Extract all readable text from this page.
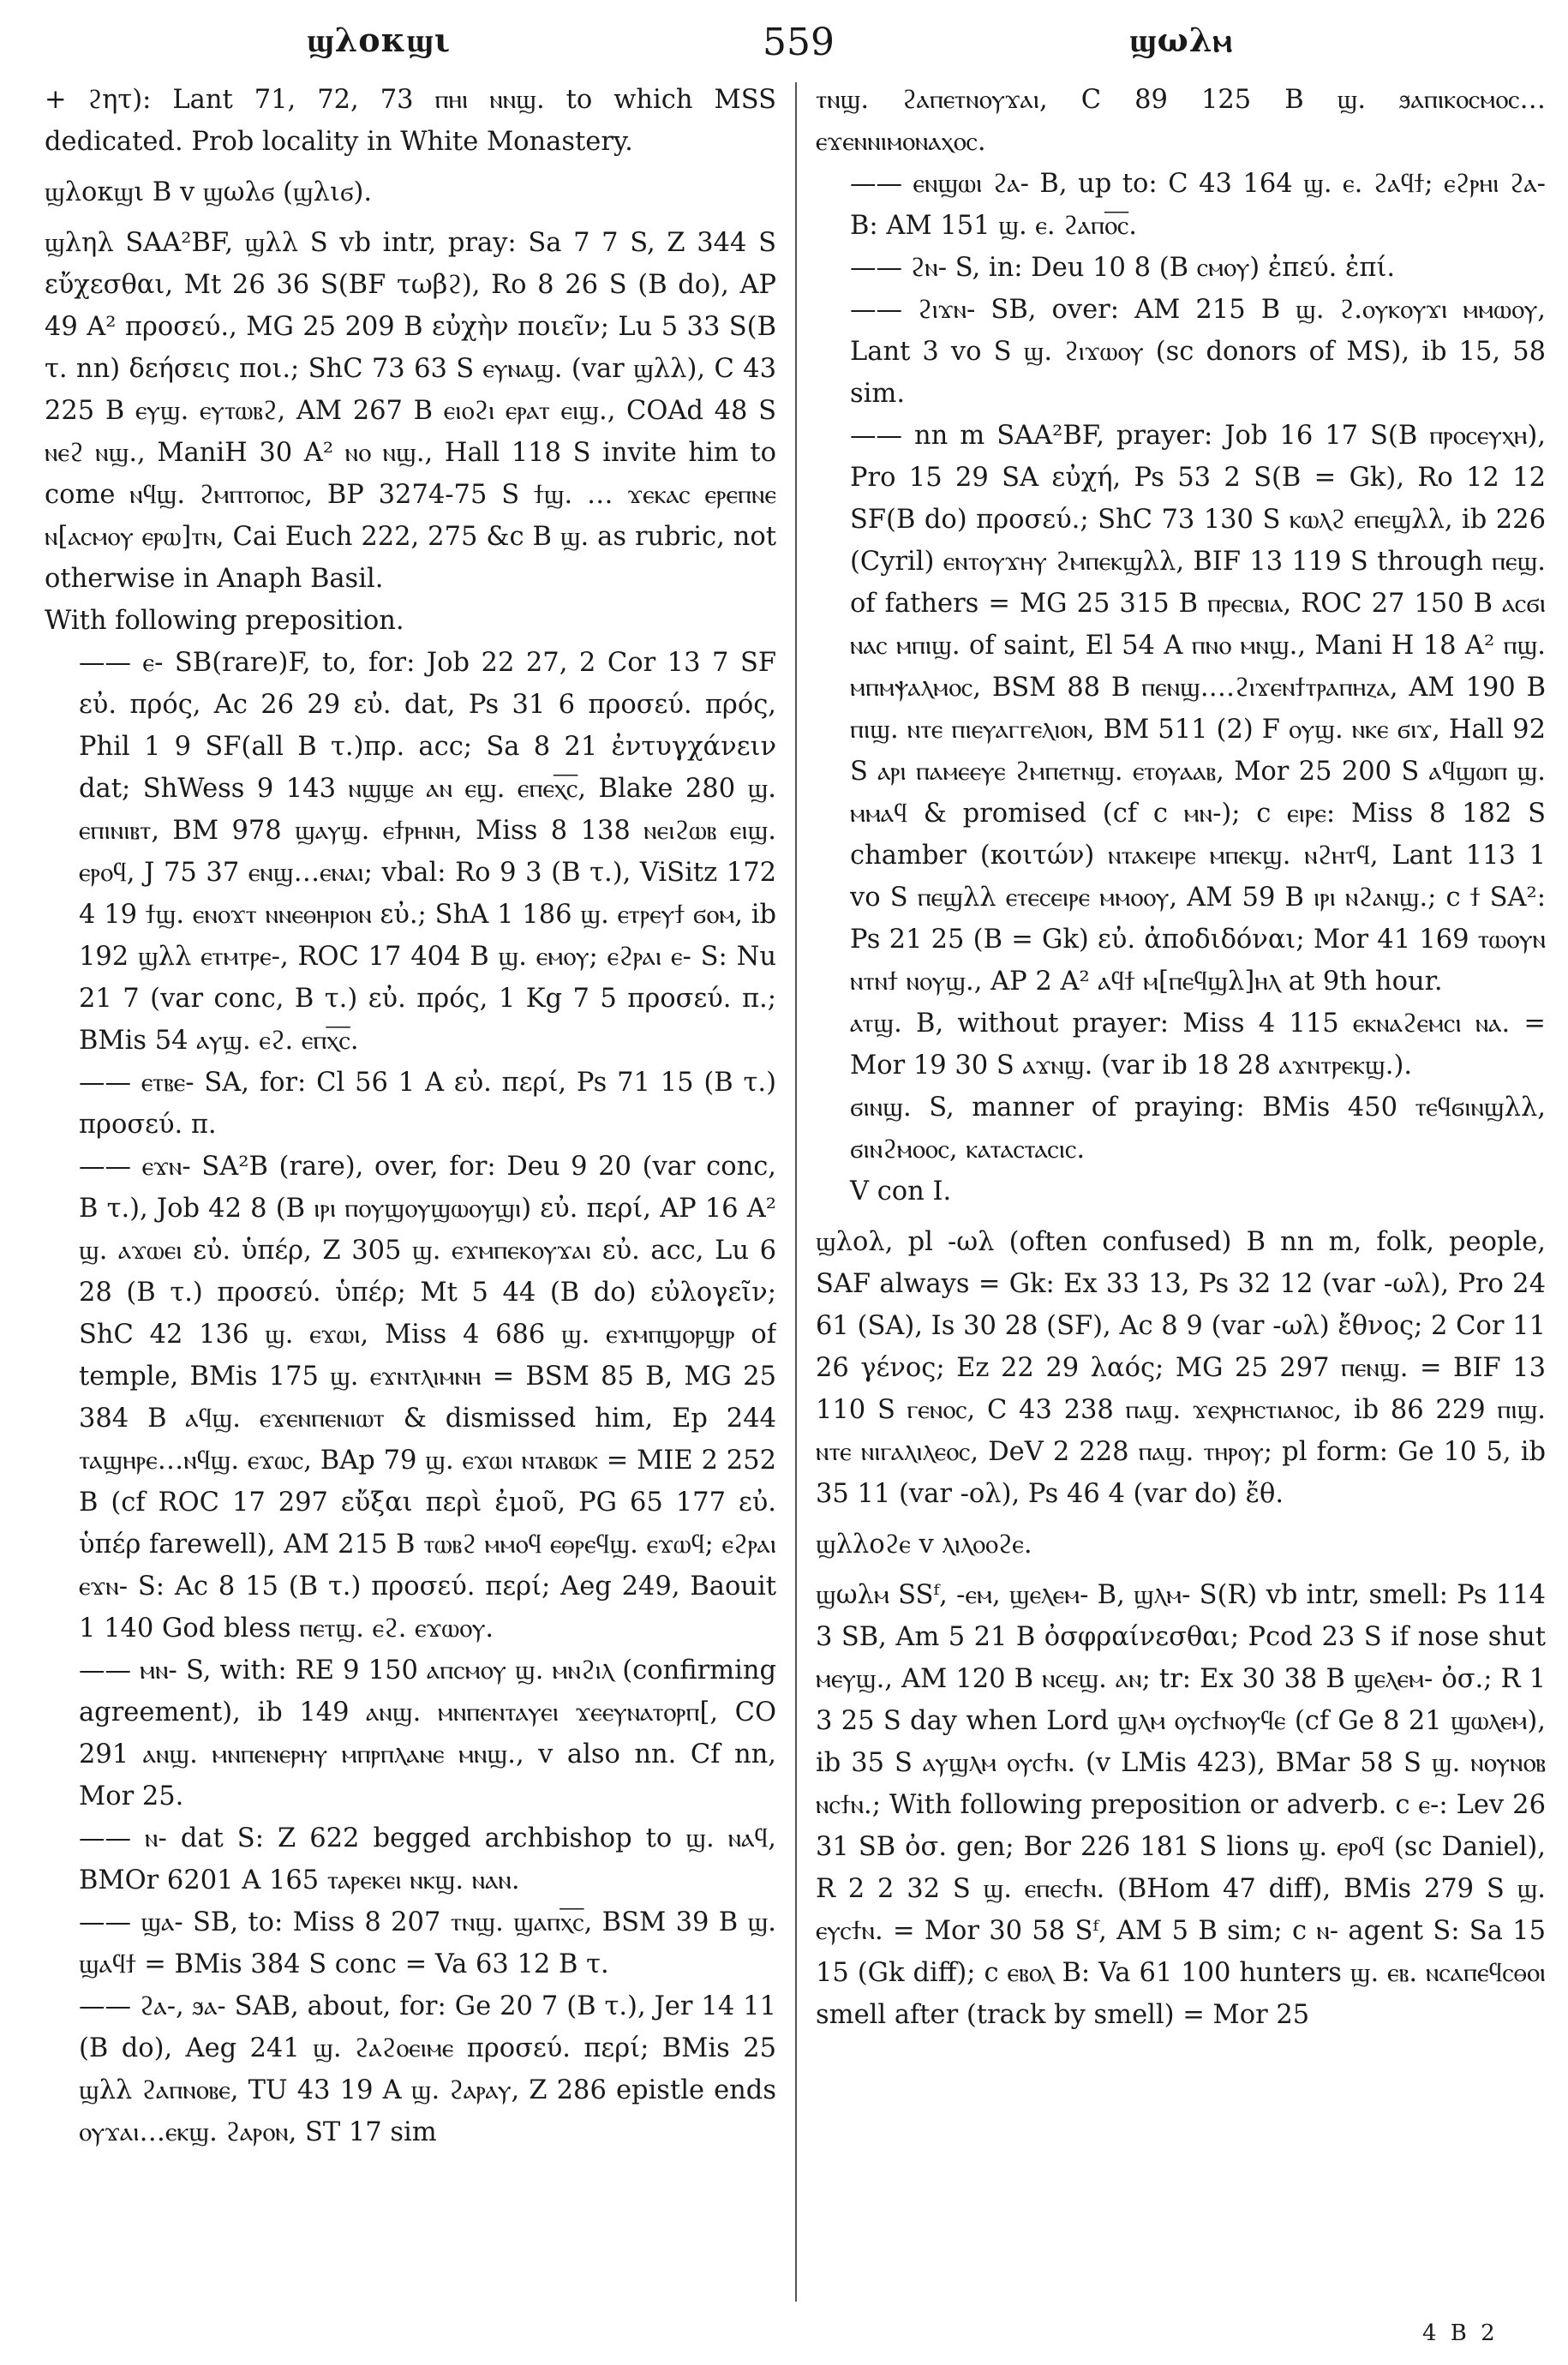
ϣλοκϣι	559	ϣωλⲙ

+ ϩητ): Lant 71, 72, 73 ⲡⲏⲓ ⲛⲛϣ. to which MSS dedicated. Prob locality in White Monastery.

ϣλοκϣι B v ϣωλϭ (ϣλιϭ).

ϣληλ SAA²BF, ϣλλ S vb intr, pray: Sa 7 7 S, Z 344 S εὔχεσθαι, Mt 26 36 S(BF τωβϩ), Ro 8 26 S (B do), AP 49 A² προσεύ., MG 25 209 B εὐχὴν ποιεῖν; Lu 5 33 S(B τ. nn) δεήσεις ποι.; ShC 73 63 S ⲉⲩⲛⲁϣ. (var ϣλλ), C 43 225 B ⲉⲩϣ. ⲉⲩⲧⲱⲃϩ, AM 267 B ⲉⲓⲟϩⲓ ⲉⲣⲁⲧ ⲉⲓϣ., COAd 48 S ⲛⲉϩ ⲛϣ., ManiH 30 A² ⲛⲟ ⲛϣ., Hall 118 S invite him to come ⲛϥϣ. ϩⲙⲡⲧⲟⲡⲟⲥ, BP 3274-75 S ϯϣ. … ϫⲉⲕⲁⲥ ⲉⲣⲉⲡⲛⲉ ⲛ[ⲁⲥⲙⲟⲩ ⲉⲣⲱ]ⲧⲛ, Cai Euch 222, 275 &c B ϣ. as rubric, not otherwise in Anaph Basil.

With following preposition.

—— ⲉ- SB(rare)F, to, for: Job 22 27, 2 Cor 13 7 SF εὐ. πρός, Ac 26 29 εὐ. dat, Ps 31 6 προσεύ. πρός, Phil 1 9 SF(all B τ.)πρ. acc; Sa 8 21 ἐντυγχάνειν dat; ShWess 9 143 ⲛϣϣⲉ ⲁⲛ ⲉϣ. ⲉⲡⲉⲭ︦ⲥ︦, Blake 280 ϣ. ⲉⲡⲓⲛⲓⲃⲧ, BM 978 ϣⲁⲩϣ. ⲉϯⲣⲏⲛⲏ, Miss 8 138 ⲛⲉⲓϩⲱⲃ ⲉⲓϣ. ⲉⲣⲟϥ, J 75 37 ⲉⲛϣ…ⲉⲛⲁⲓ; vbal: Ro 9 3 (B τ.), ViSitz 172 4 19 ϯϣ. ⲉⲛⲟϫⲧ ⲛⲛⲉⲑⲏⲣⲓⲟⲛ εὐ.; ShA 1 186 ϣ. ⲉⲧⲣⲉⲩϯ ϭⲟⲙ, ib 192 ϣλλ ⲉⲧⲙⲧⲣⲉ-, ROC 17 404 B ϣ. ⲉⲙⲟⲩ; ⲉϩⲣⲁⲓ ⲉ- S: Nu 21 7 (var conc, B τ.) εὐ. πρός, 1 Kg 7 5 προσεύ. π.; BMis 54 ⲁⲩϣ. ⲉϩ. ⲉⲡⲭ︦ⲥ︦.

—— ⲉⲧⲃⲉ- SA, for: Cl 56 1 A εὐ. περί, Ps 71 15 (B τ.) προσεύ. π.

—— ⲉϫⲛ- SA²B (rare), over, for: Deu 9 20 (var conc, B τ.), Job 42 8 (B ⲓⲣⲓ ⲡⲟⲩϣⲟⲩϣⲱⲟⲩϣⲓ) εὐ. περί, AP 16 A² ϣ. ⲁϫⲱⲉⲓ εὐ. ὑπέρ, Z 305 ϣ. ⲉϫⲙⲡⲉⲕⲟⲩϫⲁⲓ εὐ. acc, Lu 6 28 (B τ.) προσεύ. ὑπέρ; Mt 5 44 (B do) εὐλογεῖν; ShC 42 136 ϣ. ⲉϫⲱⲓ, Miss 4 686 ϣ. ⲉϫⲙⲡϣⲟⲣϣⲣ of temple, BMis 175 ϣ. ⲉϫⲛⲧⲗⲓⲙⲛⲏ = BSM 85 B, MG 25 384 B ⲁϥϣ. ⲉϫⲉⲛⲡⲉⲛⲓⲱⲧ & dismissed him, Ep 244 ⲧⲁϣⲏⲣⲉ…ⲛϥϣ. ⲉϫⲱⲥ, BAp 79 ϣ. ⲉϫⲱⲓ ⲛⲧⲁⲃⲱⲕ = MIE 2 252 B (cf ROC 17 297 εὔξαι περὶ ἐμοῦ, PG 65 177 εὐ. ὑπέρ farewell), AM 215 B ⲧⲱⲃϩ ⲙⲙⲟϥ ⲉⲑⲣⲉϥϣ. ⲉϫⲱϥ; ⲉϩⲣⲁⲓ ⲉϫⲛ- S: Ac 8 15 (B τ.) προσεύ. περί; Aeg 249, Baouit 1 140 God bless ⲡⲉⲧϣ. ⲉϩ. ⲉϫⲱⲟⲩ.

—— ⲙⲛ- S, with: RE 9 150 ⲁⲡⲥⲙⲟⲩ ϣ. ⲙⲛϩⲓⲗ (confirming agreement), ib 149 ⲁⲛϣ. ⲙⲛⲡⲉⲛⲧⲁⲩⲉⲓ ϫⲉⲉⲩⲛⲁⲧⲟⲣⲡ[, CO 291 ⲁⲛϣ. ⲙⲛⲡⲉⲛⲉⲣⲏⲩ ⲙⲡⲣⲡⲗⲁⲛⲉ ⲙⲛϣ., v also nn. Cf nn, Mor 25.

—— ⲛ- dat S: Z 622 begged archbishop to ϣ. ⲛⲁϥ, BMOr 6201 A 165 ⲧⲁⲣⲉⲕⲉⲓ ⲛⲕϣ. ⲛⲁⲛ.

—— ϣⲁ- SB, to: Miss 8 207 ⲧⲛϣ. ϣⲁⲡⲭ︦ⲥ︦, BSM 39 B ϣ. ϣⲁϥϯ = BMis 384 S conc = Va 63 12 B τ.

—— ϩⲁ-, ϧⲁ- SAB, about, for: Ge 20 7 (B τ.), Jer 14 11 (B do), Aeg 241 ϣ. ϩⲁϩⲟⲉⲓⲙⲉ προσεύ. περί; BMis 25 ϣλλ ϩⲁⲡⲛⲟⲃⲉ, TU 43 19 A ϣ. ϩⲁⲣⲁⲩ, Z 286 epistle ends ⲟⲩϫⲁⲓ…ⲉⲕϣ. ϩⲁⲣⲟⲛ, ST 17 sim

ⲧⲛϣ. ϩⲁⲡⲉⲧⲛⲟⲩϫⲁⲓ, C 89 125 B ϣ. ϧⲁⲡⲓⲕⲟⲥⲙⲟⲥ… ⲉϫⲉⲛⲛⲓⲙⲟⲛⲁⲭⲟⲥ.

—— ⲉⲛϣⲱⲓ ϩⲁ- B, up to: C 43 164 ϣ. ⲉ. ϩⲁϥϯ; ⲉϩⲣⲏⲓ ϩⲁ- B: AM 151 ϣ. ⲉ. ϩⲁⲡⲟ︦ⲥ︦.

—— ϩⲛ- S, in: Deu 10 8 (B ⲥⲙⲟⲩ) ἐπεύ. ἐπί.

—— ϩⲓϫⲛ- SB, over: AM 215 B ϣ. ϩ.ⲟⲩⲕⲟⲩϫⲓ ⲙⲙⲱⲟⲩ, Lant 3 vo S ϣ. ϩⲓϫⲱⲟⲩ (sc donors of MS), ib 15, 58 sim.

—— nn m SAA²BF, prayer: Job 16 17 S(B ⲡⲣⲟⲥⲉⲩⲭⲏ), Pro 15 29 SA εὐχή, Ps 53 2 S(B = Gk), Ro 12 12 SF(B do) προσεύ.; ShC 73 130 S ⲕⲱⲗϩ ⲉⲡⲉϣλλ, ib 226 (Cyril) ⲉⲛⲧⲟⲩϫⲏⲩ ϩⲙⲡⲉⲕϣλλ, BIF 13 119 S through ⲡⲉϣ. of fathers = MG 25 315 B ⲡⲣⲉⲥⲃⲓⲁ, ROC 27 150 B ⲁⲥϭⲓ ⲛⲁⲥ ⲙⲡⲓϣ. of saint, El 54 A ⲡⲛⲟ ⲙⲛϣ., Mani H 18 A² ⲡϣ. ⲙⲡⲙⲯⲁⲗⲙⲟⲥ, BSM 88 B ⲡⲉⲛϣ.…ϩⲓϫⲉⲛϯⲧⲣⲁⲡⲏⲍⲁ, AM 190 B ⲡⲓϣ. ⲛⲧⲉ ⲡⲓⲉⲩⲁⲅⲅⲉⲗⲓⲟⲛ, BM 511 (2) F ⲟⲩϣ. ⲛⲕⲉ ϭⲓϫ, Hall 92 S ⲁⲣⲓ ⲡⲁⲙⲉⲉⲩⲉ ϩⲙⲡⲉⲧⲛϣ. ⲉⲧⲟⲩⲁⲁⲃ, Mor 25 200 S ⲁϥϣⲱⲡ ϣ. ⲙⲙⲁϥ & promised (cf c ⲙⲛ-); c ⲉⲓⲣⲉ: Miss 8 182 S chamber (κοιτών) ⲛⲧⲁⲕⲉⲓⲣⲉ ⲙⲡⲉⲕϣ. ⲛϩⲏⲧϥ, Lant 113 1 vo S ⲡⲉϣλλ ⲉⲧⲉⲥⲉⲓⲣⲉ ⲙⲙⲟⲟⲩ, AM 59 B ⲓⲣⲓ ⲛϩⲁⲛϣ.; c ϯ SA²: Ps 21 25 (B = Gk) εὐ. ἀποδιδόναι; Mor 41 169 ⲧⲱⲟⲩⲛ ⲛⲧⲛϯ ⲛⲟⲩϣ., AP 2 A² ⲁϥϯ ⲙ[ⲡⲉϥϣλ]ⲏⲗ at 9th hour.

ⲁⲧϣ. B, without prayer: Miss 4 115 ⲉⲕⲛⲁϩⲉⲙⲥⲓ ⲛⲁ. = Mor 19 30 S ⲁϫⲛϣ. (var ib 18 28 ⲁϫⲛⲧⲣⲉⲕϣ.).

ϭⲓⲛϣ. S, manner of praying: BMis 450 ⲧⲉϥϭⲓⲛϣλλ, ϭⲓⲛϩⲙⲟⲟⲥ, ⲕⲁⲧⲁⲥⲧⲁⲥⲓⲥ.

V con I.

ϣλολ, pl -ωλ (often confused) B nn m, folk, people, SAF always = Gk: Ex 33 13, Ps 32 12 (var -ωλ), Pro 24 61 (SA), Is 30 28 (SF), Ac 8 9 (var -ωλ) ἔθνος; 2 Cor 11 26 γένος; Ez 22 29 λαός; MG 25 297 ⲡⲉⲛϣ. = BIF 13 110 S ⲅⲉⲛⲟⲥ, C 43 238 ⲡⲁϣ. ϫⲉⲭⲣⲏⲥⲧⲓⲁⲛⲟⲥ, ib 86 229 ⲡⲓϣ. ⲛⲧⲉ ⲛⲓⲅⲁⲗⲓⲗⲉⲟⲥ, DeV 2 228 ⲡⲁϣ. ⲧⲏⲣⲟⲩ; pl form: Ge 10 5, ib 35 11 (var -ολ), Ps 46 4 (var do) ἔθ.

ϣλλοϩⲉ v ⲗⲓⲗⲟⲟϩⲉ.

ϣωλⲙ SSᶠ, -ⲉⲙ, ϣⲉⲗⲉⲙ- B, ϣⲗⲙ- S(R) vb intr, smell: Ps 114 3 SB, Am 5 21 B ὀσφραίνεσθαι; Pcod 23 S if nose shut ⲙⲉⲩϣ., AM 120 B ⲛⲥⲉϣ. ⲁⲛ; tr: Ex 30 38 B ϣⲉⲗⲉⲙ- ὀσ.; R 1 3 25 S day when Lord ϣⲗⲙ ⲟⲩⲥϯⲛⲟⲩϥⲉ (cf Ge 8 21 ϣⲱⲗⲉⲙ), ib 35 S ⲁⲩϣⲗⲙ ⲟⲩⲥϯⲛ. (v LMis 423), BMar 58 S ϣ. ⲛⲟⲩⲛⲟⲃ ⲛⲥϯⲛ.; With following preposition or adverb. c ⲉ-: Lev 26 31 SB ὀσ. gen; Bor 226 181 S lions ϣ. ⲉⲣⲟϥ (sc Daniel), R 2 2 32 S ϣ. ⲉⲡⲉⲥϯⲛ. (BHom 47 diff), BMis 279 S ϣ. ⲉⲩⲥϯⲛ. = Mor 30 58 Sᶠ, AM 5 B sim; c ⲛ- agent S: Sa 15 15 (Gk diff); c ⲉⲃⲟⲗ B: Va 61 100 hunters ϣ. ⲉⲃ. ⲛⲥⲁⲡⲉϥⲥⲑⲟⲓ smell after (track by smell) = Mor 25

4 B 2
